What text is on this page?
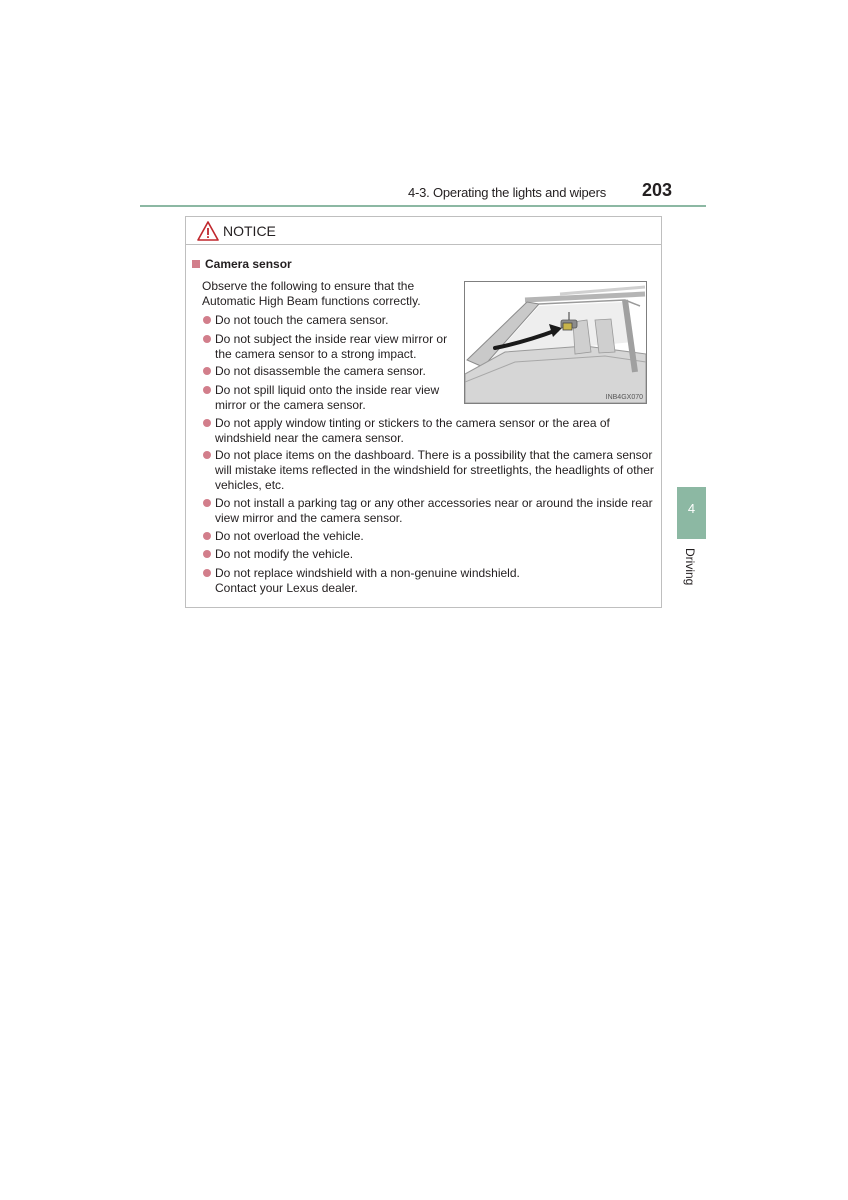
4-3. Operating the lights and wipers	203
NOTICE
Camera sensor
Observe the following to ensure that the Automatic High Beam functions correctly.
Do not touch the camera sensor.
Do not subject the inside rear view mirror or the camera sensor to a strong impact.
Do not disassemble the camera sensor.
Do not spill liquid onto the inside rear view mirror or the camera sensor.
Do not apply window tinting or stickers to the camera sensor or the area of windshield near the camera sensor.
Do not place items on the dashboard. There is a possibility that the camera sensor will mistake items reflected in the windshield for streetlights, the headlights of other vehicles, etc.
Do not install a parking tag or any other accessories near or around the inside rear view mirror and the camera sensor.
Do not overload the vehicle.
Do not modify the vehicle.
Do not replace windshield with a non-genuine windshield. Contact your Lexus dealer.
INB4GX070
4
Driving
